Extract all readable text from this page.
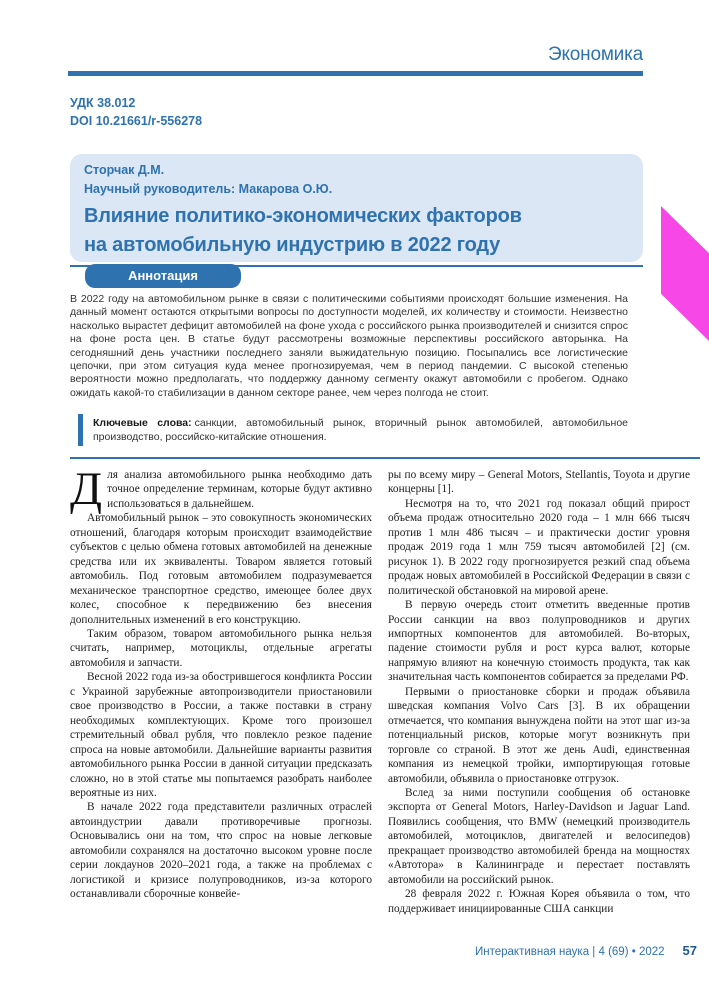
Экономика
УДК 38.012
DOI 10.21661/r-556278
Сторчак Д.М.
Научный руководитель: Макарова О.Ю.
Влияние политико-экономических факторов
на автомобильную индустрию в 2022 году
Аннотация
В 2022 году на автомобильном рынке в связи с политическими событиями происходят большие изменения. На данный момент остаются открытыми вопросы по доступности моделей, их количеству и стоимости. Неизвестно насколько вырастет дефицит автомобилей на фоне ухода с российского рынка производителей и снизится спрос на фоне роста цен. В статье будут рассмотрены возможные перспективы российского авторынка. На сегодняшний день участники последнего заняли выжидательную позицию. Посыпались все логистические цепочки, при этом ситуация куда менее прогнозируемая, чем в период пандемии. С высокой степенью вероятности можно предполагать, что поддержку данному сегменту окажут автомобили с пробегом. Однако ожидать какой-то стабилизации в данном секторе ранее, чем через полгода не стоит.
Ключевые слова: санкции, автомобильный рынок, вторичный рынок автомобилей, автомобильное производство, российско-китайские отношения.

Для анализа автомобильного рынка необходимо дать точное определение терминам, которые будут активно использоваться в дальнейшем.

Автомобильный рынок – это совокупность экономических отношений, благодаря которым происходит взаимодействие субъектов с целью обмена готовых автомобилей на денежные средства или их эквиваленты. Товаром является готовый автомобиль. Под готовым автомобилем подразумевается механическое транспортное средство, имеющее более двух колес, способное к передвижению без внесения дополнительных изменений в его конструкцию.

Таким образом, товаром автомобильного рынка нельзя считать, например, мотоциклы, отдельные агрегаты автомобиля и запчасти.

Весной 2022 года из-за обострившегося конфликта России с Украиной зарубежные автопроизводители приостановили свое производство в России, а также поставки в страну необходимых комплектующих. Кроме того произошел стремительный обвал рубля, что повлекло резкое падение спроса на новые автомобили. Дальнейшие варианты развития автомобильного рынка России в данной ситуации предсказать сложно, но в этой статье мы попытаемся разобрать наиболее вероятные из них.

В начале 2022 года представители различных отраслей автоиндустрии давали противоречивые прогнозы. Основывались они на том, что спрос на новые легковые автомобили сохранялся на достаточно высоком уровне после серии локдаунов 2020–2021 года, а также на проблемах с логистикой и кризисе полупроводников, из-за которого останавливали сборочные конвейе-

ры по всему миру – General Motors, Stellantis, Toyota и другие концерны [1].

Несмотря на то, что 2021 год показал общий прирост объема продаж относительно 2020 года – 1 млн 666 тысяч против 1 млн 486 тысяч – и практически достиг уровня продаж 2019 года 1 млн 759 тысяч автомобилей [2] (см. рисунок 1). В 2022 году прогнозируется резкий спад объема продаж новых автомобилей в Российской Федерации в связи с политической обстановкой на мировой арене.

В первую очередь стоит отметить введенные против России санкции на ввоз полупроводников и других импортных компонентов для автомобилей. Во-вторых, падение стоимости рубля и рост курса валют, которые напрямую влияют на конечную стоимость продукта, так как значительная часть компонентов собирается за пределами РФ.

Первыми о приостановке сборки и продаж объявила шведская компания Volvo Cars [3]. В их обращении отмечается, что компания вынуждена пойти на этот шаг из-за потенциальный рисков, которые могут возникнуть при торговле со страной. В этот же день Audi, единственная компания из немецкой тройки, импортирующая готовые автомобили, объявила о приостановке отгрузок.

Вслед за ними поступили сообщения об остановке экспорта от General Motors, Harley-Davidson и Jaguar Land. Появились сообщения, что BMW (немецкий производитель автомобилей, мотоциклов, двигателей и велосипедов) прекращает производство автомобилей бренда на мощностях «Автотора» в Калининграде и перестает поставлять автомобили на российский рынок.

28 февраля 2022 г. Южная Корея объявила о том, что поддерживает инициированные США санкции

Интерактивная наука | 4 (69) • 2022 57
